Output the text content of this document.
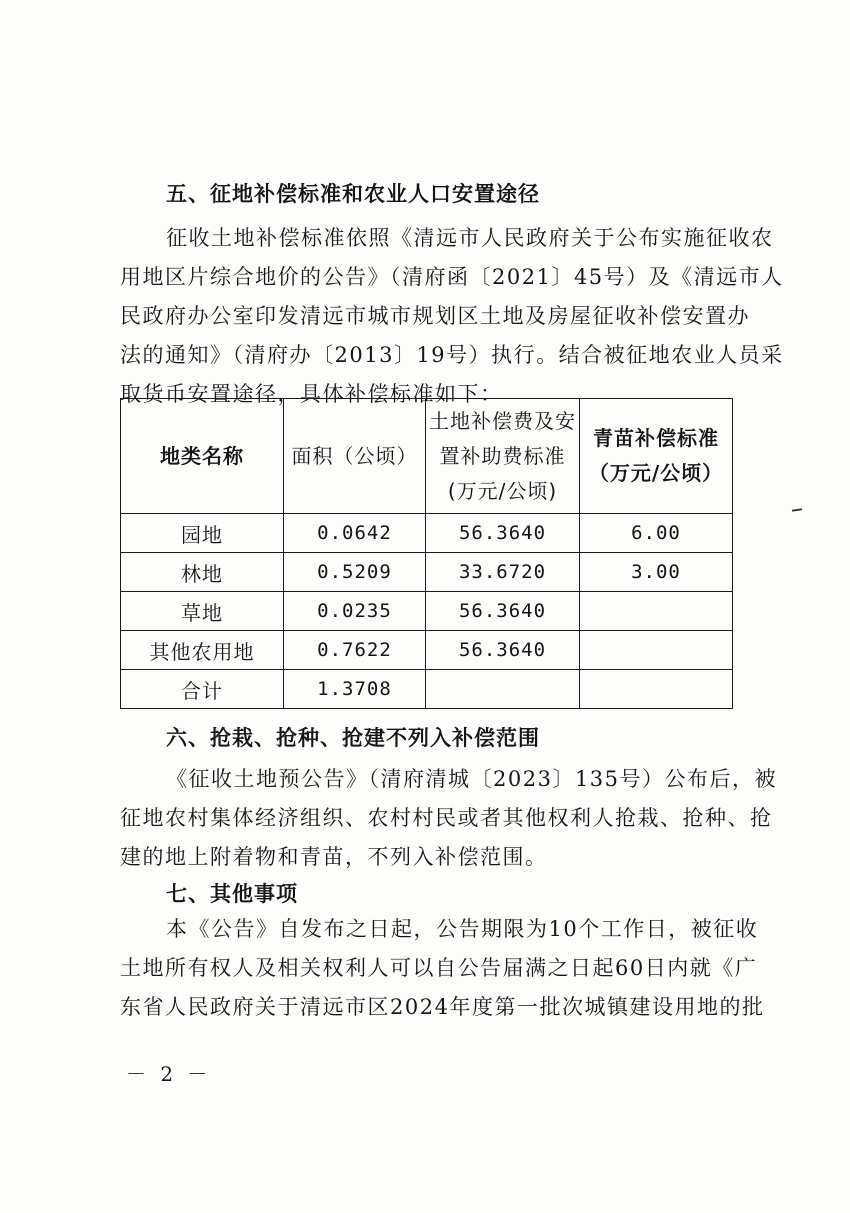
五、征地补偿标准和农业人口安置途径
征收土地补偿标准依照《清远市人民政府关于公布实施征收农
用地区片综合地价的公告》（清府函〔2021〕45号）及《清远市人
民政府办公室印发清远市城市规划区土地及房屋征收补偿安置办
法的通知》（清府办〔2013〕19号）执行。结合被征地农业人员采
取货币安置途径，具体补偿标准如下：
地类名称	面积（公顷）	土地补偿费及安置补助费标准(万元/公顷)	青苗补偿标准（万元/公顷）
园地	0.0642	56.3640	6.00
林地	0.5209	33.6720	3.00
草地	0.0235	56.3640	
其他农用地	0.7622	56.3640	
合计	1.3708		
六、抢栽、抢种、抢建不列入补偿范围
《征收土地预公告》（清府清城〔2023〕135号）公布后，被
征地农村集体经济组织、农村村民或者其他权利人抢栽、抢种、抢
建的地上附着物和青苗，不列入补偿范围。
七、其他事项
本《公告》自发布之日起，公告期限为10个工作日，被征收
土地所有权人及相关权利人可以自公告届满之日起60日内就《广
东省人民政府关于清远市区2024年度第一批次城镇建设用地的批
－ 2 －
